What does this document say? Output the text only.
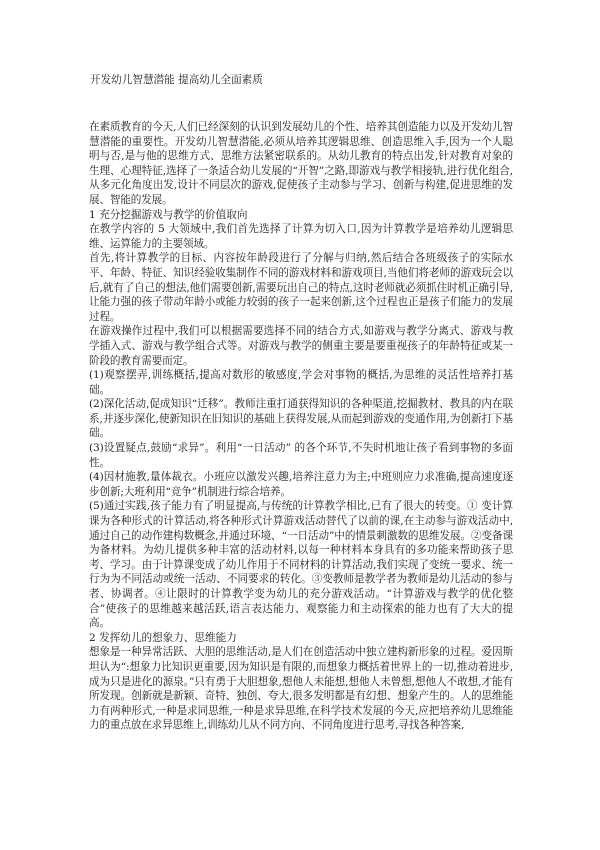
开发幼儿智慧潜能 提高幼儿全面素质

在素质教育的今天,人们已经深刻的认识到发展幼儿的个性、培养其创造能力以及开发幼儿智慧潜能的重要性。开发幼儿智慧潜能,必须从培养其逻辑思维、创造思维入手,因为一个人聪明与否,是与他的思维方式、思维方法紧密联系的。从幼儿教育的特点出发,针对教育对象的生理、心理特征,选择了一条适合幼儿发展的“开智”之路,即游戏与教学相接轨,进行优化组合,从多元化角度出发,设计不同层次的游戏,促使孩子主动参与学习、创新与构建,促进思维的发展、智能的发展。

1 充分挖掘游戏与教学的价值取向

在教学内容的 5 大领域中,我们首先选择了计算为切入口,因为计算教学是培养幼儿逻辑思维、运算能力的主要领域。

首先,将计算教学的目标、内容按年龄段进行了分解与归纳,然后结合各班级孩子的实际水平、年龄、特征、知识经验收集制作不同的游戏材料和游戏项目,当他们将老师的游戏玩会以后,就有了自己的想法,他们需要创新,需要玩出自己的特点,这时老师就必须抓住时机正确引导,让能力强的孩子带动年龄小或能力较弱的孩子一起来创新,这个过程也正是孩子们能力的发展过程。

在游戏操作过程中,我们可以根据需要选择不同的结合方式,如游戏与教学分离式、游戏与教学插入式、游戏与教学组合式等。对游戏与教学的侧重主要是要重视孩子的年龄特征或某一阶段的教育需要而定。

(1)观察摆弄,训练概括,提高对数形的敏感度,学会对事物的概括,为思维的灵活性培养打基础。

(2)深化活动,促成知识“迁移”。教师注重打通获得知识的各种渠道,挖掘教材、教具的内在联系,并逐步深化,使新知识在旧知识的基础上获得发展,从而起到游戏的变通作用,为创新打下基础。

(3)设置疑点,鼓励“求异”。利用“一日活动” 的各个环节,不失时机地让孩子看到事物的多面性。

(4)因材施教,量体裁衣。小班应以激发兴趣,培养注意力为主;中班则应力求准确,提高速度逐步创新;大班利用“竞争”机制进行综合培养。

(5)通过实践,孩子能力有了明显提高,与传统的计算教学相比,已有了很大的转变。① 变计算课为各种形式的计算活动,将各种形式计算游戏活动替代了以前的课,在主动参与游戏活动中,通过自己的动作建构数概念,并通过环境、“一日活动”中的情景刺激数的思维发展。②变备课为备材料。为幼儿提供多种丰富的活动材料,以每一种材料本身具有的多功能来帮助孩子思考、学习。由于计算课变成了幼儿作用于不同材料的计算活动,我们实现了变统一要求、统一行为为不同活动或统一活动、不同要求的转化。③变教师是教学者为教师是幼儿活动的参与者、协调者。④让限时的计算教学变为幼儿的充分游戏活动。“计算游戏与教学的优化整合”使孩子的思维越来越活跃,语言表达能力、观察能力和主动探索的能力也有了大大的提高。

2 发挥幼儿的想象力、思维能力

想象是一种异常活跃、大胆的思维活动,是人们在创造活动中独立建构新形象的过程。爱因斯坦认为“:想象力比知识更重要,因为知识是有限的,而想象力概括着世界上的一切,推动着进步,成为只是进化的源泉。”只有勇于大胆想象,想他人未能想,想他人未曾想,想他人不敢想,才能有所发现。创新就是新颖、奇特、独创、夸大,很多发明都是有幻想、想象产生的。人的思维能力有两种形式,一种是求同思维,一种是求异思维,在科学技术发展的今天,应把培养幼儿思维能力的重点放在求异思维上,训练幼儿从不同方向、不同角度进行思考,寻找各种答案,
